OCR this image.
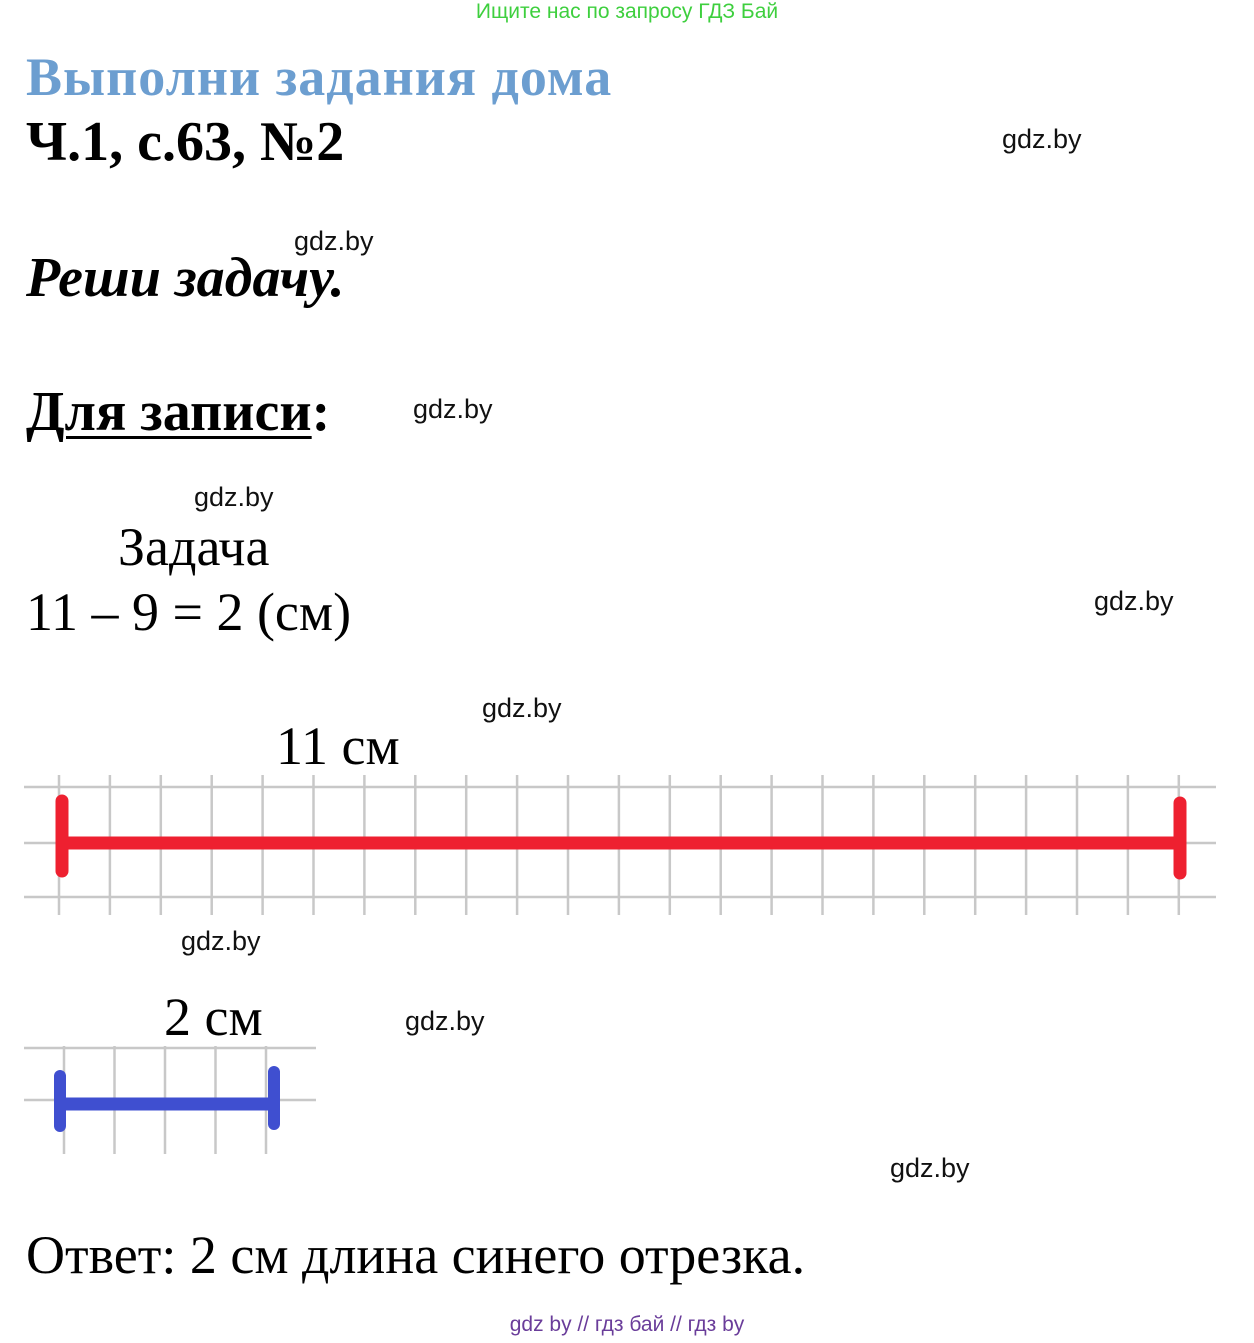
Ищите нас по запросу ГДЗ Бай
Выполни задания дома
Ч.1, с.63, №2
Реши задачу.
Для записи:
Задача
11 – 9 = 2 (см)
11 см
2 см
Ответ: 2 см длина синего отрезка.
gdz.by
gdz.by
gdz.by
gdz.by
gdz.by
gdz.by
gdz.by
gdz.by
gdz.by
gdz by // гдз бай // гдз by
